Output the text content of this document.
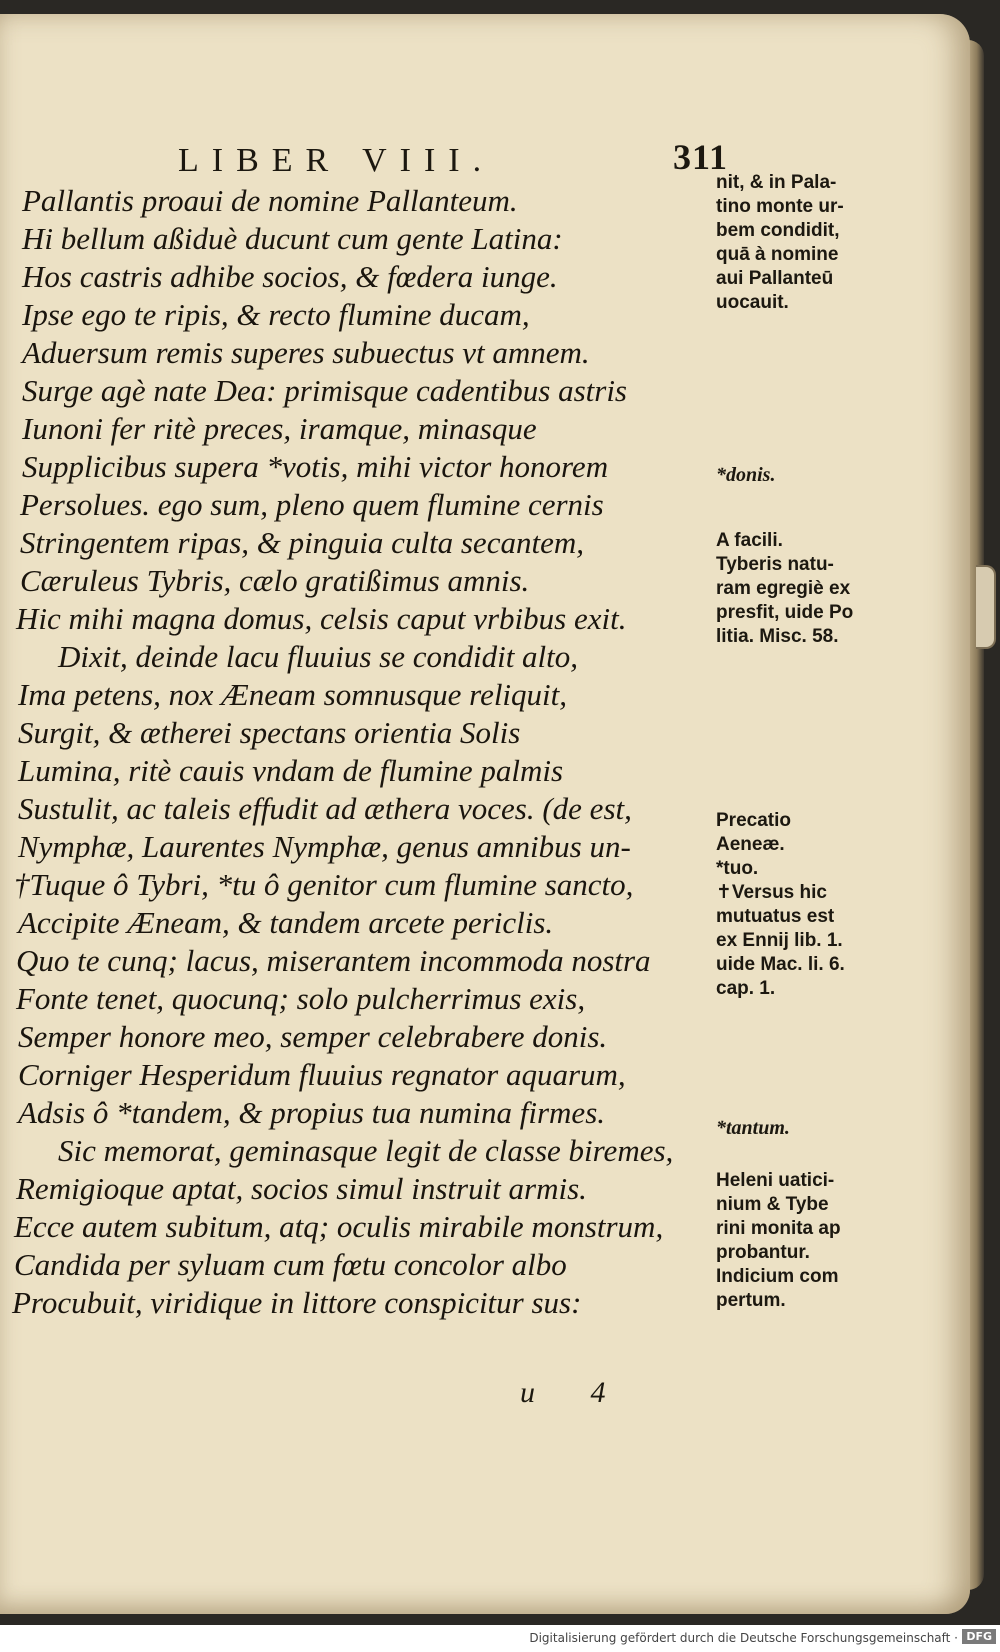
LIBER VIII.	311
Pallantis proaui de nomine Pallanteum.
Hi bellum aßiduè ducunt cum gente Latina:
Hos castris adhibe socios, & fœdera iunge.
Ipse ego te ripis, & recto flumine ducam,
Aduersum remis superes subuectus vt amnem.
Surge agè nate Dea: primisque cadentibus astris
Iunoni fer ritè preces, iramque, minasque
Supplicibus supera *votis, mihi victor honorem
Persolues. ego sum, pleno quem flumine cernis
Stringentem ripas, & pinguia culta secantem,
Cæruleus Tybris, cælo gratißimus amnis.
Hic mihi magna domus, celsis caput vrbibus exit.
Dixit, deinde lacu fluuius se condidit alto,
Ima petens, nox Æneam somnusque reliquit,
Surgit, & ætherei spectans orientia Solis
Lumina, ritè cauis vndam de flumine palmis
Sustulit, ac taleis effudit ad æthera voces. (de est,
Nymphæ, Laurentes Nymphæ, genus amnibus un-
†Tuque ô Tybri, *tu ô genitor cum flumine sancto,
Accipite Æneam, & tandem arcete periclis.
Quo te cunq; lacus, miserantem incommoda nostra
Fonte tenet, quocunq; solo pulcherrimus exis,
Semper honore meo, semper celebrabere donis.
Corniger Hesperidum fluuius regnator aquarum,
Adsis ô *tandem, & propius tua numina firmes.
Sic memorat, geminasque legit de classe biremes,
Remigioque aptat, socios simul instruit armis.
Ecce autem subitum, atq; oculis mirabile monstrum,
Candida per syluam cum fœtu concolor albo
Procubuit, viridique in littore conspicitur sus:
nit, & in Pala-
tino monte ur-
bem condidit,
quā à nomine
aui Pallanteū
uocauit.
*donis.
A facili.
Tyberis natu-
ram egregiè ex
presfit, uide Po
litia. Misc. 58.
Precatio
Aeneæ.
*tuo.
✝Versus hic
mutuatus est
ex Ennij lib. 1.
uide Mac. li. 6.
cap. 1.
*tantum.
Heleni uatici-
nium & Tybe
rini monita ap
probantur.
Indicium com
pertum.
u 4
Digitalisierung gefördert durch die Deutsche Forschungsgemeinschaft · DFG
